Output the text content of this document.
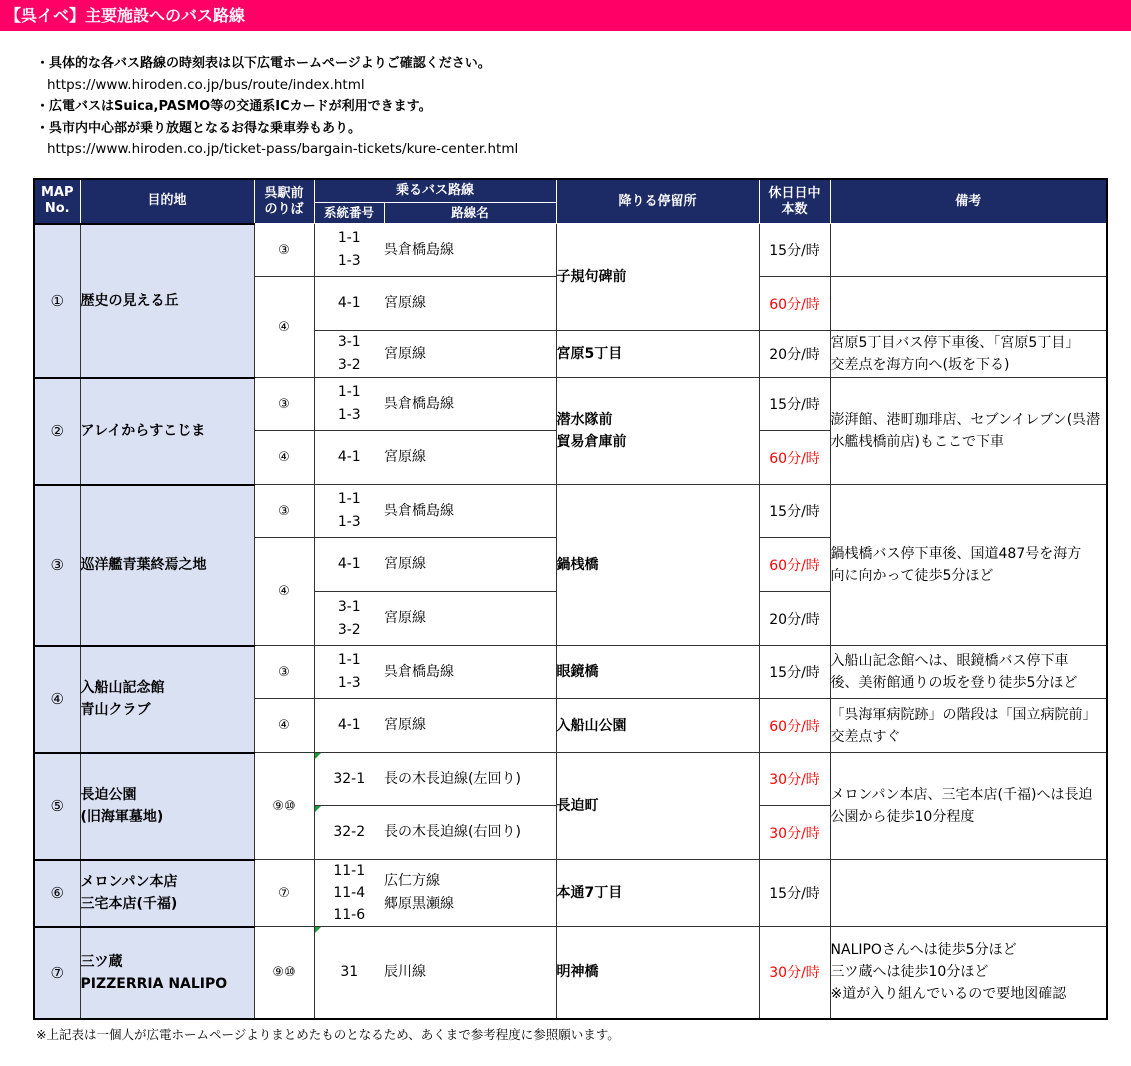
【呉イベ】主要施設へのバス路線
・具体的な各バス路線の時刻表は以下広電ホームページよりご確認ください。
https://www.hiroden.co.jp/bus/route/index.html
・広電バスはSuica,PASMO等の交通系ICカードが利用できます。
・呉市内中心部が乗り放題となるお得な乗車券もあり。
https://www.hiroden.co.jp/ticket-pass/bargain-tickets/kure-center.html
MAP
No.	目的地	呉駅前
のりば	乗るバス路線		降りる停留所	休日日中
本数	備考
			系統番号	路線名			
①	歴史の見える丘	③	1-1
1-3	呉倉橋島線	子規句碑前	15分/時	
		④	4-1	宮原線		60分/時	
			3-1
3-2	宮原線	宮原5丁目	20分/時	宮原5丁目バス停下車後、「宮原5丁目」
交差点を海方向へ(坂を下る)
②	アレイからすこじま	③	1-1
1-3	呉倉橋島線	潜水隊前
貿易倉庫前	15分/時	澎湃館、港町珈琲店、セブンイレブン(呉潜
水艦桟橋前店)もここで下車
		④	4-1	宮原線		60分/時	
③	巡洋艦青葉終焉之地	③	1-1
1-3	呉倉橋島線	鍋桟橋	15分/時	鍋桟橋バス停下車後、国道487号を海方
向に向かって徒歩5分ほど
		④	4-1	宮原線		60分/時	
			3-1
3-2	宮原線		20分/時	
④	入船山記念館
青山クラブ	③	1-1
1-3	呉倉橋島線	眼鏡橋	15分/時	入船山記念館へは、眼鏡橋バス停下車
後、美術館通りの坂を登り徒歩5分ほど
		④	4-1	宮原線	入船山公園	60分/時	「呉海軍病院跡」の階段は「国立病院前」
交差点すぐ
⑤	長迫公園
(旧海軍墓地)	⑨⑩	32-1	長の木長迫線(左回り)	長迫町	30分/時	メロンパン本店、三宅本店(千福)へは長迫
公園から徒歩10分程度
			32-2	長の木長迫線(右回り)		30分/時	
⑥	メロンパン本店
三宅本店(千福)	⑦	11-1
11-4
11-6	広仁方線
郷原黒瀬線	本通7丁目	15分/時	
⑦	三ツ蔵
PIZZERRIA NALIPO	⑨⑩	31	辰川線	明神橋	30分/時	NALIPOさんへは徒歩5分ほど
三ツ蔵へは徒歩10分ほど
※道が入り組んでいるので要地図確認
※上記表は一個人が広電ホームページよりまとめたものとなるため、あくまで参考程度に参照願います。
